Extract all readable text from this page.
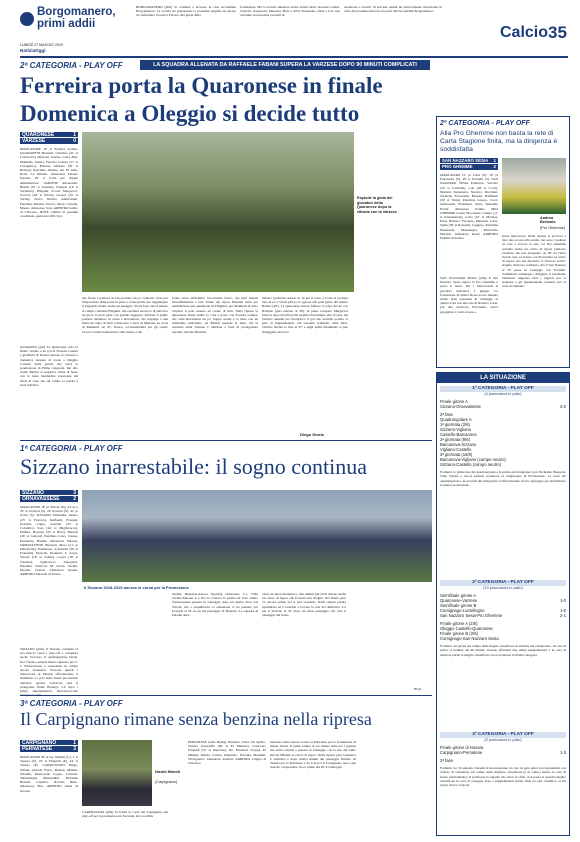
Borgomanero,
primi addii
BORGOMANERO (pfm) Si continua a lavorare in casa Accademia Borgomanero. La società sta preparando la prossima stagione ha deciso di confermare il tecnico Ferrero alla guida della
formazione. Ma la società annuncia anche alcuni addii: lasciano Caletti, Cherchi, Gasparoni, Menozzi, Piras e Silva Fernandes. Oltre a loro non verranno riconosciuti i prestiti di
Anderson e Cerutti. Si prevede quindi un rinnovamento importante in vista del prossimo mercato da parte dell'Accademia Borgomanero.
LUNEDÌ 27 MAGGIO 2019
NotiziaOggi
Calcio 35
2ª CATEGORIA - PLAY OFF	LA SQUADRA ALLENATA DA RAFFAELE FABANI SUPERA LA VARZESE DOPO 90 MINUTI COMPLICATI
Ferreira porta la Quaronese in finale
Domenica a Oleggio si decide tutto
QUARONESE	1
VARZESE	0
MARCATORE 10' st Ferreira Gomes. QUARONESE Brunetti, Giardino (41' st Lazzarotto), Marconi, Tasello, Colla, Prin, Maimetti, Selena, Ferreira Gomes (37' st Cavagnino), Furiona, Medana (30' st Bolzan). Panchina Jardino, Art El Aiba, Rotti, Ca Rubina. Allenatore Fabani. Espulso 29' st Colla per doppia ammonizione. VARZESE Ravandoni, Biselli (16' st Arnaldo), Tonipou (16' st Verrando), Filippini, Scrosi, Margarvol, Cioccia (28' st Privat), Grozza (35' st Varrel), Zavro, Battiro, Ambrosiani. Panchina Bassini, Tarovo, Mora, Cartella, Mazza. Allenatore Scai. ARBITRO Gallio di Chivasso. NOTE cambio in pessime condizioni, spettatori 200 circa.
QUARONA (gdl) La Quaronese vola in finale. Grazie a un gol di Ferreira Gomes a gialloblu di Fabani battono la Varzese e domenica saranno di scena a Oleggio Castello nella partita che varrà la promozione in Prima categoria. Ieri allo stadio Bertini si respirava clima di festa, con le tante bandierine sventolate dai tifosi di casa, ma sul campo la partita è stata tutt'altro
Esplode la gioia dei giocatori della Quaronese dopo la vittoria con la Varzese
che facile. I padroni di casa partono un po' contratti, forse per l'importanza della posta in palio o forse perché per raggiungere il traguardo hanno anche un pareggio. Sta di fatto che in mezzo al campo comanda Filippini, che catalizza un sacco di palloni e ne gioca la gran parte con grande saggezza. Tuttavia il primo portiere chiamato in causa è Ravandoni, che respinge a due mani un colpo di testa schiacciato a terra di Medana, su cross di Maimetti. Al 23', invece, occasionissima per gli ospiti: Ciocca scende indisturbato sulla destra e dal
fondo serve all'indietro l'accorrente Zavro, che però manda incredibilmente a lato. Primo del riposo Brunetti salva per neutralizzare una punizione di Filippini, poi Maimetti di testo colpisce il palo esterno su corner di Prin. Nella ripresa la Quaronese mette subito le cose a posto con Ferreira Gomes, che vede Ravandoni un po' troppo avanti e lo batte con un bellissimo pallonetto. Al Bertini esplode la festa, ma la reazione della Varzese è rabbiosa e fatta di protagonista assoluto diventa Brunetti,
mente i gialloblu restano in 10 per il rosso a Colla. Il portiere dice di no a Varrel (40') e si oppone alla gran girata del rientro Battiro (48'). La Quaronese invece fallisce il colpo del ko con Bolzano (palo esterno al 38'). In pieno recupero Margarvol insacca dopo un'altra bella respinta del numero uno di casa, ma l'arbitro annulla per fuorigioco il gol che avrebbe portato la gara ai supplementari. Gli ossolani sciamano sulla fabri, l'arbitro fischia la fine al 97' e sugli spalti finalmente si può festeggiare davvero.
Diego Gioria
1ª CATEGORIA - PLAY OFF
Sizzano inarrestabile: il sogno continua
SIZZANO	3
ORNAVASSESE	2
MARCATORI 18' pt Vittoni (O), 24' pt e 32' st Grazioli (S), 26' Porzani (S), 41' pt Zorza (S). SIZZANO Sabbadini, Iurlaro (25' st Fiorotto), Raffaelli, Fonzani, Grazioli, Cugia, Grazioli (33' st Colombo), Sosa (44' st Migliavacca), Delfera, Bozzola (33' st Baro), Baruzzi (46' st Gattoni). Panchina Cano, Crespa, Passatella, Basilla. Allenatore Palalon. ORNAVASSESE Buzzetti, Mora (21' pt Pallavicini), Frambosto, Scalabrini (39' st Franzetti), Pazzolla, Klamatic, S. Zorza, Vittoni (18' st Salina), Coppi (18' st Tolesini), Sghirotovo, Antognoli. Panchina Chiavon, M. Zorza, Vecelli, Moretti, Grandi. Allenatore Gianni. ARBITRO Massoni di Torino.
SIZZANO (pfm) Il Sizzano continua la sua marcia verso i play-off e conquista anche l'accesso al quadrangolare finale. Ieri i bianco-azzurri hanno superato per 3-2 l'Ornavassese e torneranno in campo ancora domenica. Stavolta quindi i biancorossi di Palalon affronteranno il Nebbiuno e i pari nella finale provinciale dell'altro girone: l'ostacolo sarà il triangolare finale Barengo 3-0 dopo i tempi supplementari, Barcanova-San
Il Sizzano 2018-2019 ancora in corsa per la Promozione
chelino Hesperia-Aurora Sporting Orbassano 2-1, Valle Varaita-Marene 2-1. Per la cronaca la partita ha visto subito l'Ornavassese passare in vantaggio dopo un quarto d'ora con Vittoni, ma a riequilibrare la situazione ci ha pensato poi Grazioli al 24' su un bel passaggio di Bozzola. La squadra di Paladin attra-
versa un buon momento e due minuti più tardi ottiene anche un calcio di rigore che Forzani non sbaglia. Nel finale però c'è ancora tempo per il pari ossolano. Nella ripresa partita equilibrata ed è Grazioli a trovare la rete del definitivo 3-2 per il Sizzano al 32' dopo un buon passaggio che vale il passaggio del turno.
m.p.
3ª CATEGORIA - PLAY OFF
Il Carpignano rimane senza benzina nella ripresa
CARPIGNANO	1
PERNATESE	3
MARCATORI 38' pt rig. Minniti (C), 1' st Tesseri (P), 19' st Fitipaldi (P), 44' st Tesseri (P). CARPIGNANO Burgo, Villani, Aicardi, Fusco, Bulzon, Minniti, Sabadin, Montovani, Coppo, Catalani, Salmoiraghi, Mandardini. Panchina Bernari, Capitolo, Rovatti, Bisio. Allenatore Pira. ARBITRO Santa di Novara.
Nicolò Minniti
(Carpignano)
CARPIGNANO (pfm) Si ferma la corsa del Carpignano nei play-off per la promozione in Seconda. Ieri sconfitta
PERNATESE Galli, Bushaj, Bonnaro, Jabre, De Spinto, Tesseri, Passarella (90' st El Mamari), Loiacono, Fitipaldi (35' st Imparato), Re. Panchina Scoppa, El Mhama, Mazza, Corino, Imperatto, Ferrante, Marinini, Vinciguerra. Allenatore Arnaldi. ARBITRO Lingua di Chivasso.
maturata nella ripresa contro la Pernatese per la formazione di mister Alessi. Il primo tempo si era chiuso bene per i granata che erano riusciti a passare in vantaggio con la rete del solito Nicolò Minniti su calcio di rigore. Nella ripresa però la musica è cambiata e dopo dodici minuti del passaggio firmato da Tesseri per la Pernatese e da lì in poi il Carpignano non è più riuscito a rispondere. Poco prima del 20' il raddoppio
2ª CATEGORIA - PLAY OFF
Alla Pro Ghemme non basta la rete di Carta Stagione finita, ma la dirigenza è soddisfatta
SAN NAZZARO SESIA 1
PRO GHEMME	2
MARCATORI 15' pt Carta (P), 30' pt Fracassina (S), 28' st Tornielli (S). SAN NAZZARO SESIA Pollidoro, Vaccino (45' st Cavinalli), Coti (28' st Croci), Mariani, Zappaterra, Navarro, Ricchiuti, Tornielli, Fracassina, Bassani, Raffinetti (30' st Varni). Panchina Grasso, Croci, Ambrosetti, Nominetti, Verni, Spinnelli, Ertani. Allenatore Pollina. PRO GHEMME Carini, Bovolenta, Campo (11' st Kirszenstein), Lotta (10' st Monno), Piras, Barbaro, Ferrante, Mazzetti, Carta, Spina (30' st Rossetti), Gaggero. Panchina Mazzoleni, Mazzalegre, Moriarchi, Mariani. Allenatore Rossi. ARBITRO Fiamba di Torino.
SAN NAZZARO SESIA (pfm) Il San Nazzaro Sesia supera la Pro Ghemme e passa il turno. Per i biancoverdi si giochera domenica 2 giugno. La formazione di mister Rossi aveva iniziato subito bene passando in vantaggio al quarto d'ora con una rete di Roberto Carta, poi alla mezz'ora Fracassina aveva pareggiato i conti su una a-
Andrea Bertonio
(Pro Ghemme)
zione manovrata. Nella ripresa si provava a dare una scossa alla partita, ma sono i padroni di casa a trovare la rete. La Pro Ghemme reclama anche un calcio di rigore piuttosto evidente, ma non assegnato. Al 28' tra l'altro Isonno una occasione con Fracassina su calcio di rigore, ma dal dischetto il "tiratore scelto" sbaglia. Pericolo scampato, ma il San Nazzaro al 35' passa in vantaggio con Tornielli. Soddisfatti comunque i dirigenti, il presidente Santinoni ringrazia tutti i ragazzi per la stagione e gli appuntamenti vedendo per la cena di chiusura.
LA SITUAZIONE
1ª CATEGORIA - PLAY OFF
(4 promozioni in palio)
Finale girone A
Sizzano-Ornavassese	3-2
2ª fase
Quadrangolare A
1ª giornata (2/6)
Sizzano-Vigliano
Castello-Barcanova
2ª giornata (9/6)
Barcanova-Sizzano
Vigliano-Castello
3ª giornata (16/6)
Barcanova-Vigliano (campo neutro)
Sizzano-Castello (campo neutro)
Formula: le prime due del quadrangolare e le prima del triangolare (con Nichelino Hesperia, Valle Varaita e Asca) saranno promosse al campionato di Promozione. La terza del quadrangolare e la seconda del triangolare si affronteranno in uno spareggio per determinare la quarta promozione.
2ª CATEGORIA - PLAY OFF
(10 promozioni in palio)
Semifinale girone A
Quaronese-Varzese	1-0
Semifinale girone B
Comignago-Lumellogno	1-0
San Nazzaro Sesia-Pro Ghemme	2-1
Finale girone A (2/6)
Oleggio Castello-Quaronese
Finale girone B (2/6)
Comignago-San Nazzaro Sesia
Formula: sei gironi sul campo della meglio classificata al termine del campionato. In caso di parità al termine dei 90 minuti, saranno effettuati due tempi supplementari e in caso di ulteriore parità la meglio classificata verrà promossa in Prima categoria.
3ª CATEGORIA - PLAY OFF
(5 promozioni in palio)
Finale girone di Novara
Carpignano-Pernatese	1-3
2ª fase
Formula: Le 10 squadre vincenti si incontreranno tra loro in gara unica (accoppiamenti con criterio di vicinanza) sul campo della migliore classificata (e in campo neutro in caso di stesso piazzamento). Il promossa la squadra che vince la sfida, cioè passa la squadra meglio classificata in caso di pareggio dopo i supplementari (nella sfida tra pari classifica, ai tiri rigore invece i rigori).
